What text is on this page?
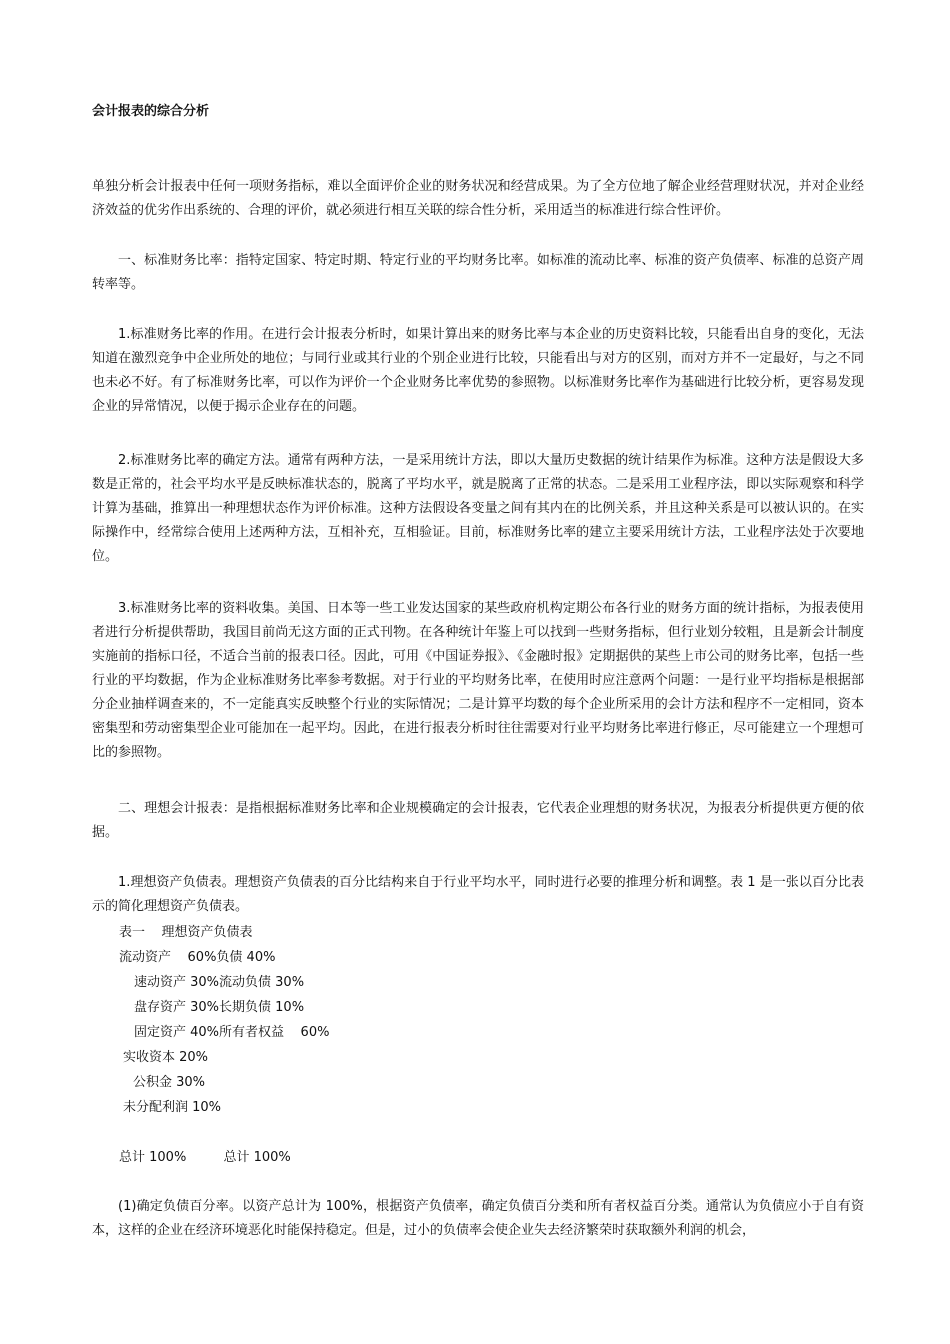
会计报表的综合分析

单独分析会计报表中任何一项财务指标，难以全面评价企业的财务状况和经营成果。为了全方位地了解企业经营理财状况，并对企业经济效益的优劣作出系统的、合理的评价，就必须进行相互关联的综合性分析，采用适当的标准进行综合性评价。

一、标准财务比率：指特定国家、特定时期、特定行业的平均财务比率。如标准的流动比率、标准的资产负债率、标准的总资产周转率等。

1.标准财务比率的作用。在进行会计报表分析时，如果计算出来的财务比率与本企业的历史资料比较，只能看出自身的变化，无法知道在激烈竞争中企业所处的地位；与同行业或其行业的个别企业进行比较，只能看出与对方的区别，而对方并不一定最好，与之不同也未必不好。有了标准财务比率，可以作为评价一个企业财务比率优势的参照物。以标准财务比率作为基础进行比较分析，更容易发现企业的异常情况，以便于揭示企业存在的问题。

2.标准财务比率的确定方法。通常有两种方法，一是采用统计方法，即以大量历史数据的统计结果作为标准。这种方法是假设大多数是正常的，社会平均水平是反映标准状态的，脱离了平均水平，就是脱离了正常的状态。二是采用工业程序法，即以实际观察和科学计算为基础，推算出一种理想状态作为评价标准。这种方法假设各变量之间有其内在的比例关系，并且这种关系是可以被认识的。在实际操作中，经常综合使用上述两种方法，互相补充，互相验证。目前，标准财务比率的建立主要采用统计方法，工业程序法处于次要地位。

3.标准财务比率的资料收集。美国、日本等一些工业发达国家的某些政府机构定期公布各行业的财务方面的统计指标，为报表使用者进行分析提供帮助，我国目前尚无这方面的正式刊物。在各种统计年鉴上可以找到一些财务指标，但行业划分较粗，且是新会计制度实施前的指标口径，不适合当前的报表口径。因此，可用《中国证券报》、《金融时报》定期据供的某些上市公司的财务比率，包括一些行业的平均数据，作为企业标准财务比率参考数据。对于行业的平均财务比率，在使用时应注意两个问题：一是行业平均指标是根据部分企业抽样调查来的，不一定能真实反映整个行业的实际情况；二是计算平均数的每个企业所采用的会计方法和程序不一定相同，资本密集型和劳动密集型企业可能加在一起平均。因此，在进行报表分析时往往需要对行业平均财务比率进行修正，尽可能建立一个理想可比的参照物。

二、理想会计报表：是指根据标准财务比率和企业规模确定的会计报表，它代表企业理想的财务状况，为报表分析提供更方便的依据。

1.理想资产负债表。理想资产负债表的百分比结构来自于行业平均水平，同时进行必要的推理分析和调整。表 1 是一张以百分比表示的简化理想资产负债表。

表一    理想资产负债表
流动资产    60%负债 40%
速动资产 30%流动负债 30%
盘存资产 30%长期负债 10%
固定资产 40%所有者权益    60%
实收资本 20%
公积金 30%
未分配利润 10%
总计 100%         总计 100%

(1)确定负债百分率。以资产总计为 100%，根据资产负债率，确定负债百分类和所有者权益百分类。通常认为负债应小于自有资本，这样的企业在经济环境恶化时能保持稳定。但是，过小的负债率会使企业失去经济繁荣时获取额外利润的机会，
